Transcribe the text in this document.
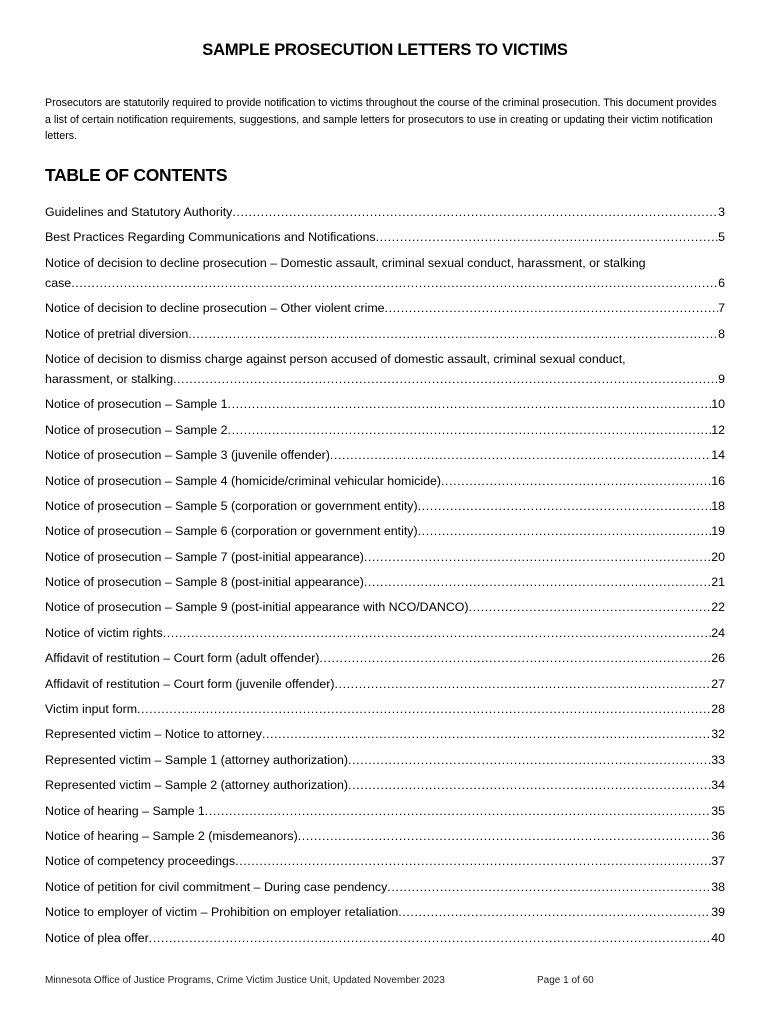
SAMPLE PROSECUTION LETTERS TO VICTIMS
Prosecutors are statutorily required to provide notification to victims throughout the course of the criminal prosecution. This document provides a list of certain notification requirements, suggestions, and sample letters for prosecutors to use in creating or updating their victim notification letters.
TABLE OF CONTENTS
Guidelines and Statutory Authority .....	3
Best Practices Regarding Communications and Notifications .....	5
Notice of decision to decline prosecution – Domestic assault, criminal sexual conduct, harassment, or stalking
case .....	6
Notice of decision to decline prosecution – Other violent crime .....	7
Notice of pretrial diversion .....	8
Notice of decision to dismiss charge against person accused of domestic assault, criminal sexual conduct,
harassment, or stalking .....	9
Notice of prosecution – Sample 1 .....	10
Notice of prosecution – Sample 2 .....	12
Notice of prosecution – Sample 3 (juvenile offender) .....	14
Notice of prosecution – Sample 4 (homicide/criminal vehicular homicide) .....	16
Notice of prosecution – Sample 5 (corporation or government entity) .....	18
Notice of prosecution – Sample 6 (corporation or government entity) .....	19
Notice of prosecution – Sample 7 (post-initial appearance) .....	20
Notice of prosecution – Sample 8 (post-initial appearance) .....	21
Notice of prosecution – Sample 9 (post-initial appearance with NCO/DANCO) .....	22
Notice of victim rights .....	24
Affidavit of restitution – Court form (adult offender) .....	26
Affidavit of restitution – Court form (juvenile offender) .....	27
Victim input form .....	28
Represented victim – Notice to attorney .....	32
Represented victim – Sample 1 (attorney authorization) .....	33
Represented victim – Sample 2 (attorney authorization) .....	34
Notice of hearing – Sample 1 .....	35
Notice of hearing – Sample 2 (misdemeanors) .....	36
Notice of competency proceedings .....	37
Notice of petition for civil commitment – During case pendency .....	38
Notice to employer of victim – Prohibition on employer retaliation .....	39
Notice of plea offer .....	40
Minnesota Office of Justice Programs, Crime Victim Justice Unit, Updated November 2023	Page 1 of 60
